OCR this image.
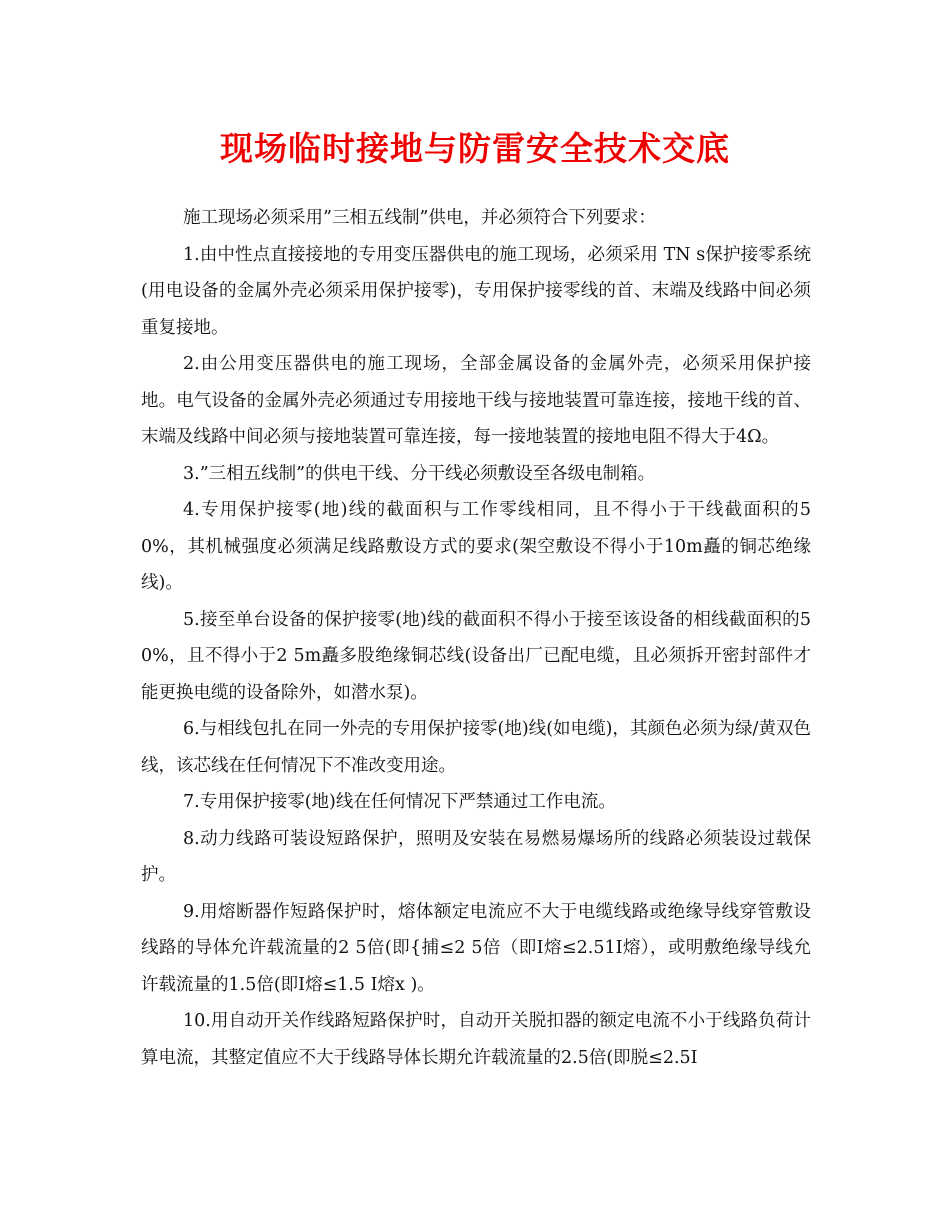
现场临时接地与防雷安全技术交底

施工现场必须采用”三相五线制”供电，并必须符合下列要求：

1.由中性点直接接地的专用变压器供电的施工现场，必须采用 TN s保护接零系统(用电设备的金属外壳必须采用保护接零)，专用保护接零线的首、末端及线路中间必须重复接地。

2.由公用变压器供电的施工现场，全部金属设备的金属外壳，必须采用保护接地。电气设备的金属外壳必须通过专用接地干线与接地装置可靠连接，接地干线的首、末端及线路中间必须与接地装置可靠连接，每一接地装置的接地电阻不得大于4Ω。

3.”三相五线制”的供电干线、分干线必须敷设至各级电制箱。

4.专用保护接零(地)线的截面积与工作零线相同，且不得小于干线截面积的50%，其机械强度必须满足线路敷设方式的要求(架空敷设不得小于10m矗的铜芯绝缘线)。

5.接至单台设备的保护接零(地)线的截面积不得小于接至该设备的相线截面积的50%，且不得小于2 5m矗多股绝缘铜芯线(设备出厂已配电缆，且必须拆开密封部件才能更换电缆的设备除外，如潜水泵)。

6.与相线包扎在同一外壳的专用保护接零(地)线(如电缆)，其颜色必须为绿/黄双色线，该芯线在任何情况下不准改变用途。

7.专用保护接零(地)线在任何情况下严禁通过工作电流。

8.动力线路可装设短路保护，照明及安装在易燃易爆场所的线路必须装设过载保护。

9.用熔断器作短路保护时，熔体额定电流应不大于电缆线路或绝缘导线穿管敷设线路的导体允许载流量的2 5倍(即{捕≤2 5倍（即Ⅰ熔≤2.51I熔），或明敷绝缘导线允许载流量的1.5倍(即Ⅰ熔≤1.5 Ⅰ熔x )。

10.用自动开关作线路短路保护时，自动开关脱扣器的额定电流不小于线路负荷计算电流，其整定值应不大于线路导体长期允许载流量的2.5倍(即脱≤2.5I
